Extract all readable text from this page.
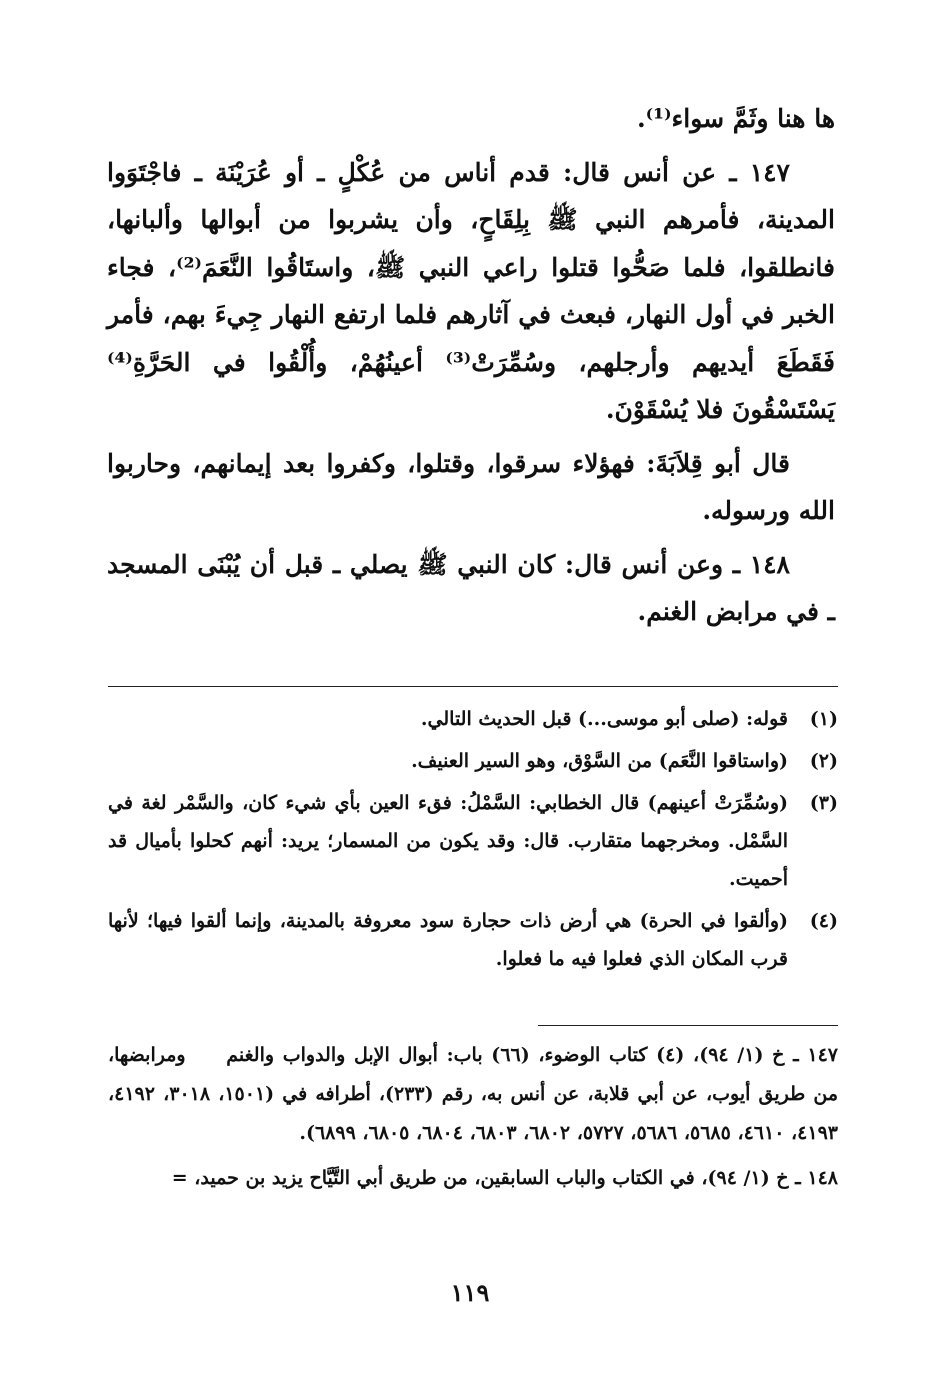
ها هنا وثَمَّ سواء⁽¹⁾.

١٤٧ ـ عن أنس قال: قدم أناس من عُكْلٍ ـ أو عُرَيْنَة ـ فاجْتَوَوا المدينة، فأمرهم النبي ﷺ بِلِقَاحٍ، وأن يشربوا من أبوالها وألبانها، فانطلقوا، فلما صَحُّوا قتلوا راعي النبي ﷺ، واستَاقُوا النَّعَمَ⁽²⁾، فجاء الخبر في أول النهار، فبعث في آثارهم فلما ارتفع النهار جِيءَ بهم، فأمر فَقَطَعَ أيديهم وأرجلهم، وسُمِّرَتْ⁽³⁾ أعينُهُمْ، وأُلْقُوا في الحَرَّةِ⁽⁴⁾ يَسْتَسْقُونَ فلا يُسْقَوْنَ.

قال أبو قِلاَبَةَ: فهؤلاء سرقوا، وقتلوا، وكفروا بعد إيمانهم، وحاربوا الله ورسوله.

١٤٨ ـ وعن أنس قال: كان النبي ﷺ يصلي ـ قبل أن يُبْنَى المسجد ـ في مرابض الغنم.

(١)
قوله: (صلى أبو موسى...) قبل الحديث التالي.
(٢)
(واستاقوا النَّعَم) من السَّوْق، وهو السير العنيف.
(٣)
(وسُمِّرَتْ أعينهم) قال الخطابي: السَّمْلُ: فقء العين بأي شيء كان، والسَّمْر لغة في السَّمْل. ومخرجهما متقارب. قال: وقد يكون من المسمار؛ يريد: أنهم كحلوا بأميال قد أحميت.
(٤)
(وألقوا في الحرة) هي أرض ذات حجارة سود معروفة بالمدينة، وإنما ألقوا فيها؛ لأنها قرب المكان الذي فعلوا فيه ما فعلوا.

١٤٧ ـ خ (١/ ٩٤)، (٤) كتاب الوضوء، (٦٦) باب: أبوال الإبل والدواب والغنم ومرابضها، من طريق أيوب، عن أبي قلابة، عن أنس به، رقم (٢٣٣)، أطرافه في (١٥٠١، ٣٠١٨، ٤١٩٢، ٤١٩٣، ٤٦١٠، ٥٦٨٥، ٥٦٨٦، ٥٧٢٧، ٦٨٠٢، ٦٨٠٣، ٦٨٠٤، ٦٨٠٥، ٦٨٩٩).

١٤٨ ـ خ (١/ ٩٤)، في الكتاب والباب السابقين، من طريق أبي التَّيَّاح يزيد بن حميد، =

١١٩
